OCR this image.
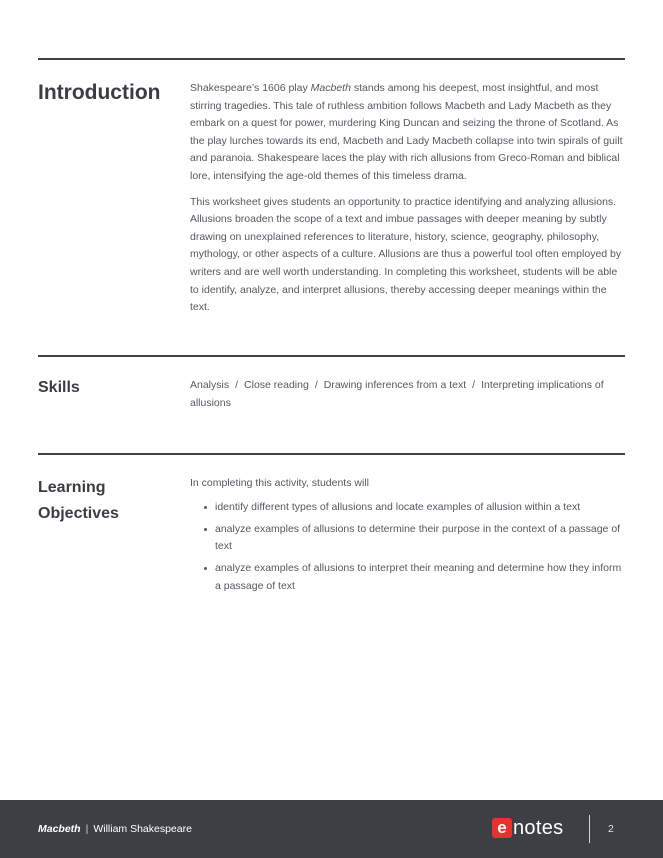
Introduction	Shakespeare’s 1606 play Macbeth stands among his deepest, most insightful, and most stirring tragedies. This tale of ruthless ambition follows Macbeth and Lady Macbeth as they embark on a quest for power, murdering King Duncan and seizing the throne of Scotland. As the play lurches towards its end, Macbeth and Lady Macbeth collapse into twin spirals of guilt and paranoia. Shakespeare laces the play with rich allusions from Greco-Roman and biblical lore, intensifying the age-old themes of this timeless drama.

This worksheet gives students an opportunity to practice identifying and analyzing allusions. Allusions broaden the scope of a text and imbue passages with deeper meaning by subtly drawing on unexplained references to literature, history, science, geography, philosophy, mythology, or other aspects of a culture. Allusions are thus a powerful tool often employed by writers and are well worth understanding. In completing this worksheet, students will be able to identify, analyze, and interpret allusions, thereby accessing deeper meanings within the text.

Skills	Analysis / Close reading / Drawing inferences from a text / Interpreting implications of allusions
Learning
Objectives

In completing this activity, students will

identify different types of allusions and locate examples of allusion within a text
analyze examples of allusions to determine their purpose in the context of a passage of text
analyze examples of allusions to interpret their meaning and determine how they inform a passage of text
Macbeth | William Shakespeare	e notes	2
